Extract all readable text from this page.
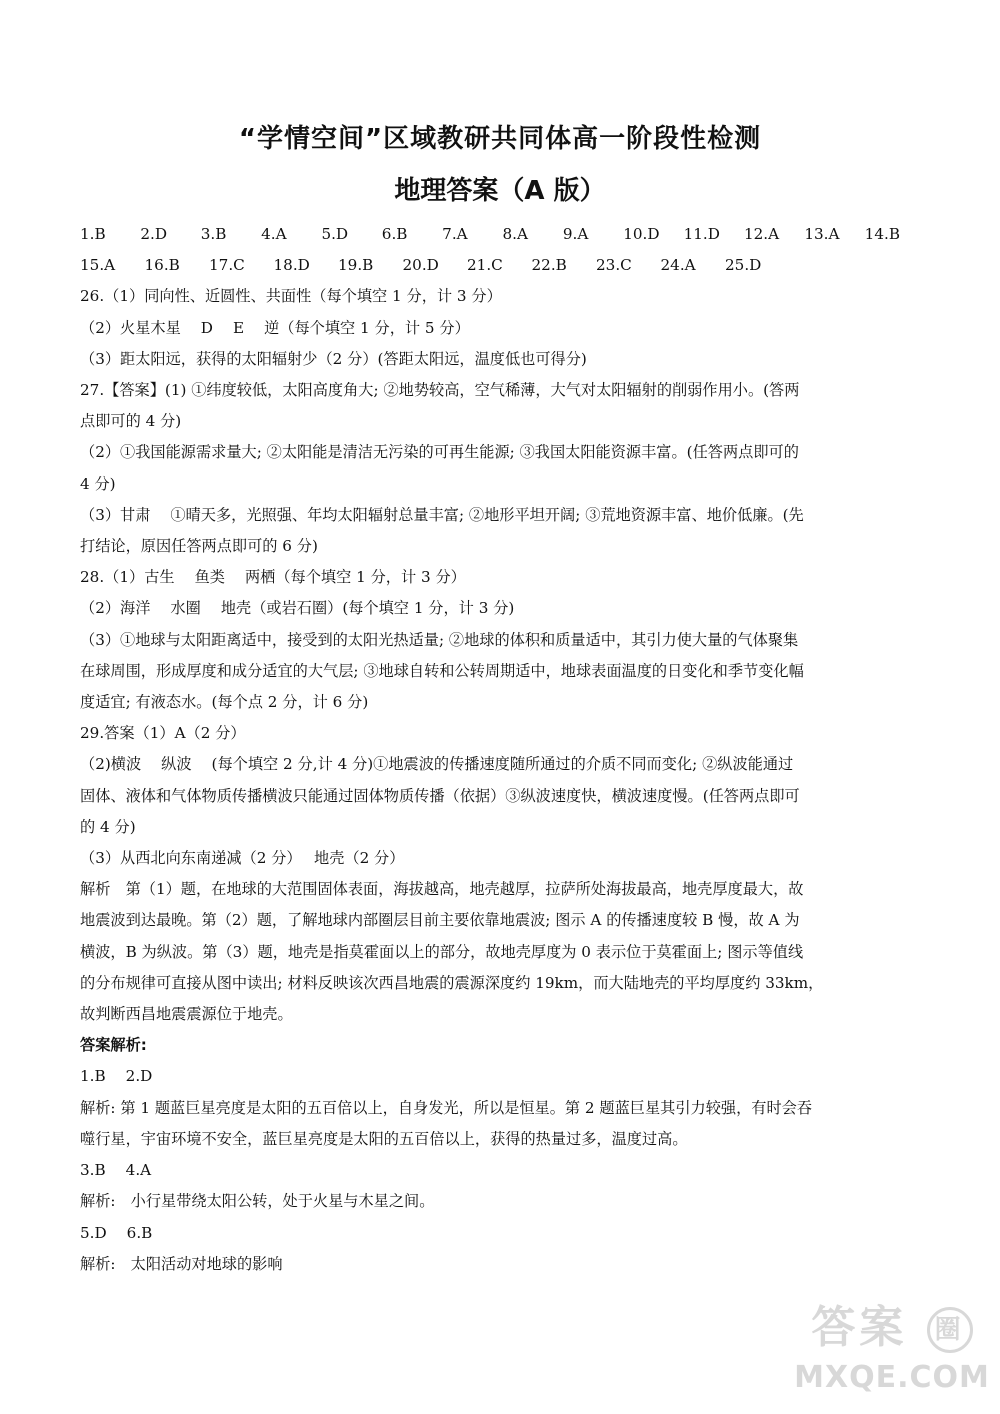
“学情空间”区域教研共同体高一阶段性检测
地理答案（A 版）
1.B	2.D	3.B	4.A	5.D	6.B	7.A	8.A	9.A	10.D	11.D	12.A	13.A	14.B
15.A	16.B	17.C	18.D	19.B	20.D	21.C	22.B	23.C	24.A	25.D
26.（1）同向性、近圆性、共面性（每个填空 1 分，计 3 分）
（2）火星木星　 D　 E　 逆（每个填空 1 分，计 5 分）
（3）距太阳远，获得的太阳辐射少（2 分）(答距太阳远，温度低也可得分)
27.【答案】(1) ①纬度较低，太阳高度角大; ②地势较高，空气稀薄，大气对太阳辐射的削弱作用小。(答两
点即可的 4 分)
（2）①我国能源需求量大; ②太阳能是清洁无污染的可再生能源; ③我国太阳能资源丰富。(任答两点即可的
4 分)
（3）甘肃　 ①晴天多，光照强、年均太阳辐射总量丰富; ②地形平坦开阔; ③荒地资源丰富、地价低廉。(先
打结论，原因任答两点即可的 6 分)
28.（1）古生　 鱼类　 两栖（每个填空 1 分，计 3 分）
（2）海洋　 水圈　 地壳（或岩石圈）(每个填空 1 分，计 3 分)
（3）①地球与太阳距离适中，接受到的太阳光热适量; ②地球的体积和质量适中，其引力使大量的气体聚集
在球周围，形成厚度和成分适宜的大气层; ③地球自转和公转周期适中，地球表面温度的日变化和季节变化幅
度适宜; 有液态水。(每个点 2 分，计 6 分)
29.答案（1）A（2 分）
（2)横波　 纵波　 (每个填空 2 分,计 4 分)①地震波的传播速度随所通过的介质不同而变化; ②纵波能通过
固体、液体和气体物质传播横波只能通过固体物质传播（依据）③纵波速度快，横波速度慢。(任答两点即可
的 4 分)
（3）从西北向东南递减（2 分）　 地壳（2 分）
解析　第（1）题，在地球的大范围固体表面，海拔越高，地壳越厚，拉萨所处海拔最高，地壳厚度最大，故
地震波到达最晚。第（2）题，了解地球内部圈层目前主要依靠地震波; 图示 A 的传播速度较 B 慢，故 A 为
横波，B 为纵波。第（3）题，地壳是指莫霍面以上的部分，故地壳厚度为 0 表示位于莫霍面上; 图示等值线
的分布规律可直接从图中读出; 材料反映该次西昌地震的震源深度约 19km，而大陆地壳的平均厚度约 33km，
故判断西昌地震震源位于地壳。
答案解析:
1.B　 2.D
解析: 第 1 题蓝巨星亮度是太阳的五百倍以上，自身发光，所以是恒星。第 2 题蓝巨星其引力较强，有时会吞
噬行星，宇宙环境不安全，蓝巨星亮度是太阳的五百倍以上，获得的热量过多，温度过高。
3.B　 4.A
解析:　小行星带绕太阳公转，处于火星与木星之间。
5.D　 6.B
解析:　太阳活动对地球的影响
答案 圈
MXQE.COM
